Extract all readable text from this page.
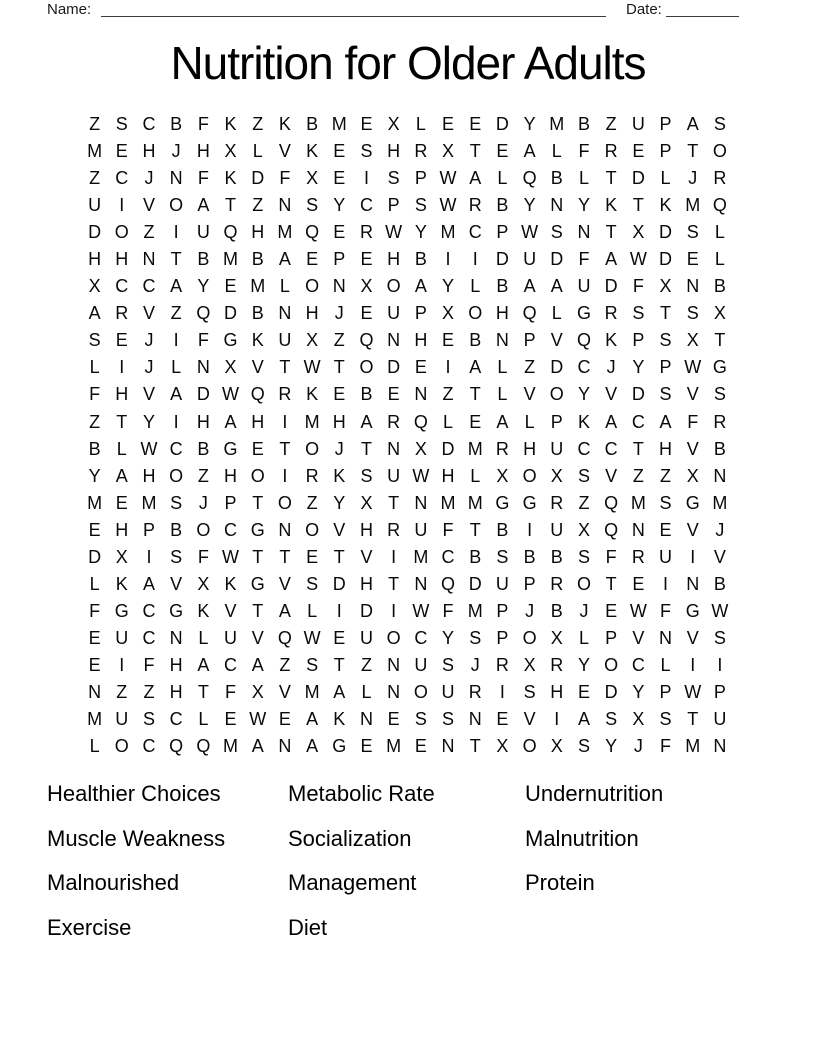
Name:	Date:
Nutrition for Older Adults
Z S C B F K Z K B M E X L E E D Y M B Z U P A S
M E H J H X L V K E S H R X T E A L F R E P T O
Z C J N F K D F X E	I	S P W A L Q B L T D L J R
U	I	V O A T Z N S Y C P S W R B Y N Y K T K M Q
D O Z	I	U Q H M Q E R W Y M C P W S N T X D S L
H H N T B M B A E P E H B	I	I	D U D F A W D E L
X C C A Y E M L O N X O A Y L B A A U D F X N B
A R V Z Q D B N H J E U P X O H Q L G R S T S X
S E J	I	F G K U X Z Q N H E B N P V Q K P S X T
L	I	J L N X V T W T O D E	I	A L Z D C J Y P W G
F H V A D W Q R K E B E N Z T L V O Y V D S V S
Z T Y	I	H A H	I M H A R Q L E A L P K A C A F R
B L W C B G E T O J T N X D M R H U C C T H V B
Y A H O Z H O I	R K S U W H L X O X S V Z Z X N
M E M S J P T O Z Y X T N M M G G R Z Q M S G M
E H P B O C G N O V H R U F T B	I	U X Q N E V J
D X	I	S F W T T E T V	I M C B S B B S F R U	I	V
L K A V X K G V S D H T N Q D U P R O T E	I	N B
F G C G K V T A L	I	D	I W F M P J B J E W F G W
E U C N L U V Q W E U O C Y S P O X L P V N V S
E	I	F H A C A Z S T Z N U S J R X R Y O C L	I	I
N Z Z H T F X V M A L N O U R	I	S H E D Y P W P
M U S C L E W E A K N E S S N E V	I	A S X S T U
L O C Q Q M A N A G E M E N T X O X S Y J F M N
Healthier Choices
Muscle Weakness
Malnourished
Exercise
Metabolic Rate
Socialization
Management
Diet
Undernutrition
Malnutrition
Protein
